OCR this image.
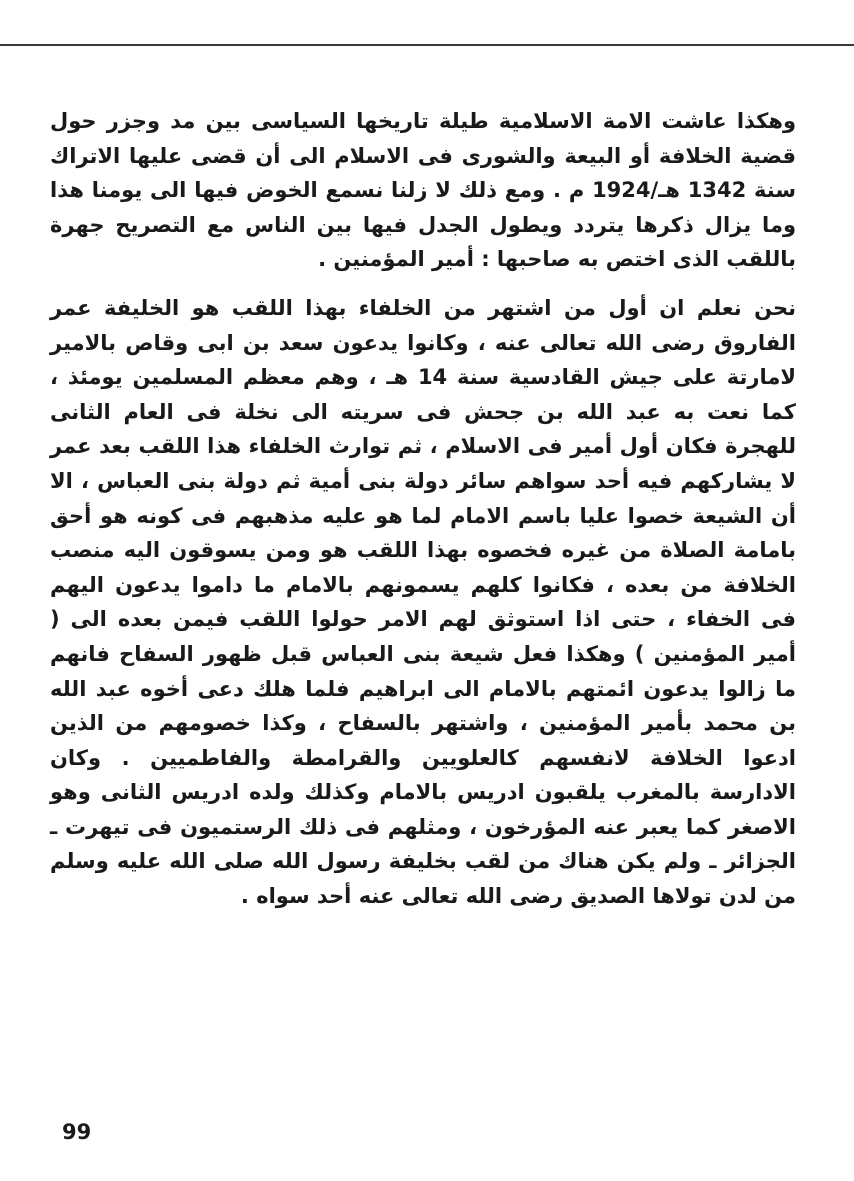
وهكذا عاشت الامة الاسلامية طيلة تاريخها السياسى بين مد وجزر حول قضية الخلافة أو البيعة والشورى فى الاسلام الى أن قضى عليها الاتراك سنة 1342 هـ/1924 م . ومع ذلك لا زلنا نسمع الخوض فيها الى يومنا هذا وما يزال ذكرها يتردد ويطول الجدل فيها بين الناس مع التصريح جهرة باللقب الذى اختص به صاحبها : أمير المؤمنين .

نحن نعلم ان أول من اشتهر من الخلفاء بهذا اللقب هو الخليفة عمر الفاروق رضى الله تعالى عنه ، وكانوا يدعون سعد بن ابى وقاص بالامير لامارتة على جيش القادسية سنة 14 هـ ، وهم معظم المسلمين يومئذ ، كما نعت به عبد الله بن جحش فى سريته الى نخلة فى العام الثانى للهجرة فكان أول أمير فى الاسلام ، ثم توارث الخلفاء هذا اللقب بعد عمر لا يشاركهم فيه أحد سواهم سائر دولة بنى أمية ثم دولة بنى العباس ، الا أن الشيعة خصوا عليا باسم الامام لما هو عليه مذهبهم فى كونه هو أحق بامامة الصلاة من غيره فخصوه بهذا اللقب هو ومن يسوقون اليه منصب الخلافة من بعده ، فكانوا كلهم يسمونهم بالامام ما داموا يدعون اليهم فى الخفاء ، حتى اذا استوثق لهم الامر حولوا اللقب فيمن بعده الى ( أمير المؤمنين ) وهكذا فعل شيعة بنى العباس قبل ظهور السفاح فانهم ما زالوا يدعون ائمتهم بالامام الى ابراهيم فلما هلك دعى أخوه عبد الله بن محمد بأمير المؤمنين ، واشتهر بالسفاح ، وكذا خصومهم من الذين ادعوا الخلافة لانفسهم كالعلويين والقرامطة والفاطميين . وكان الادارسة بالمغرب يلقبون ادريس بالامام وكذلك ولده ادريس الثانى وهو الاصغر كما يعبر عنه المؤرخون ، ومثلهم فى ذلك الرستميون فى تيهرت ـ الجزائر ـ ولم يكن هناك من لقب بخليفة رسول الله صلى الله عليه وسلم من لدن تولاها الصديق رضى الله تعالى عنه أحد سواه .

99
